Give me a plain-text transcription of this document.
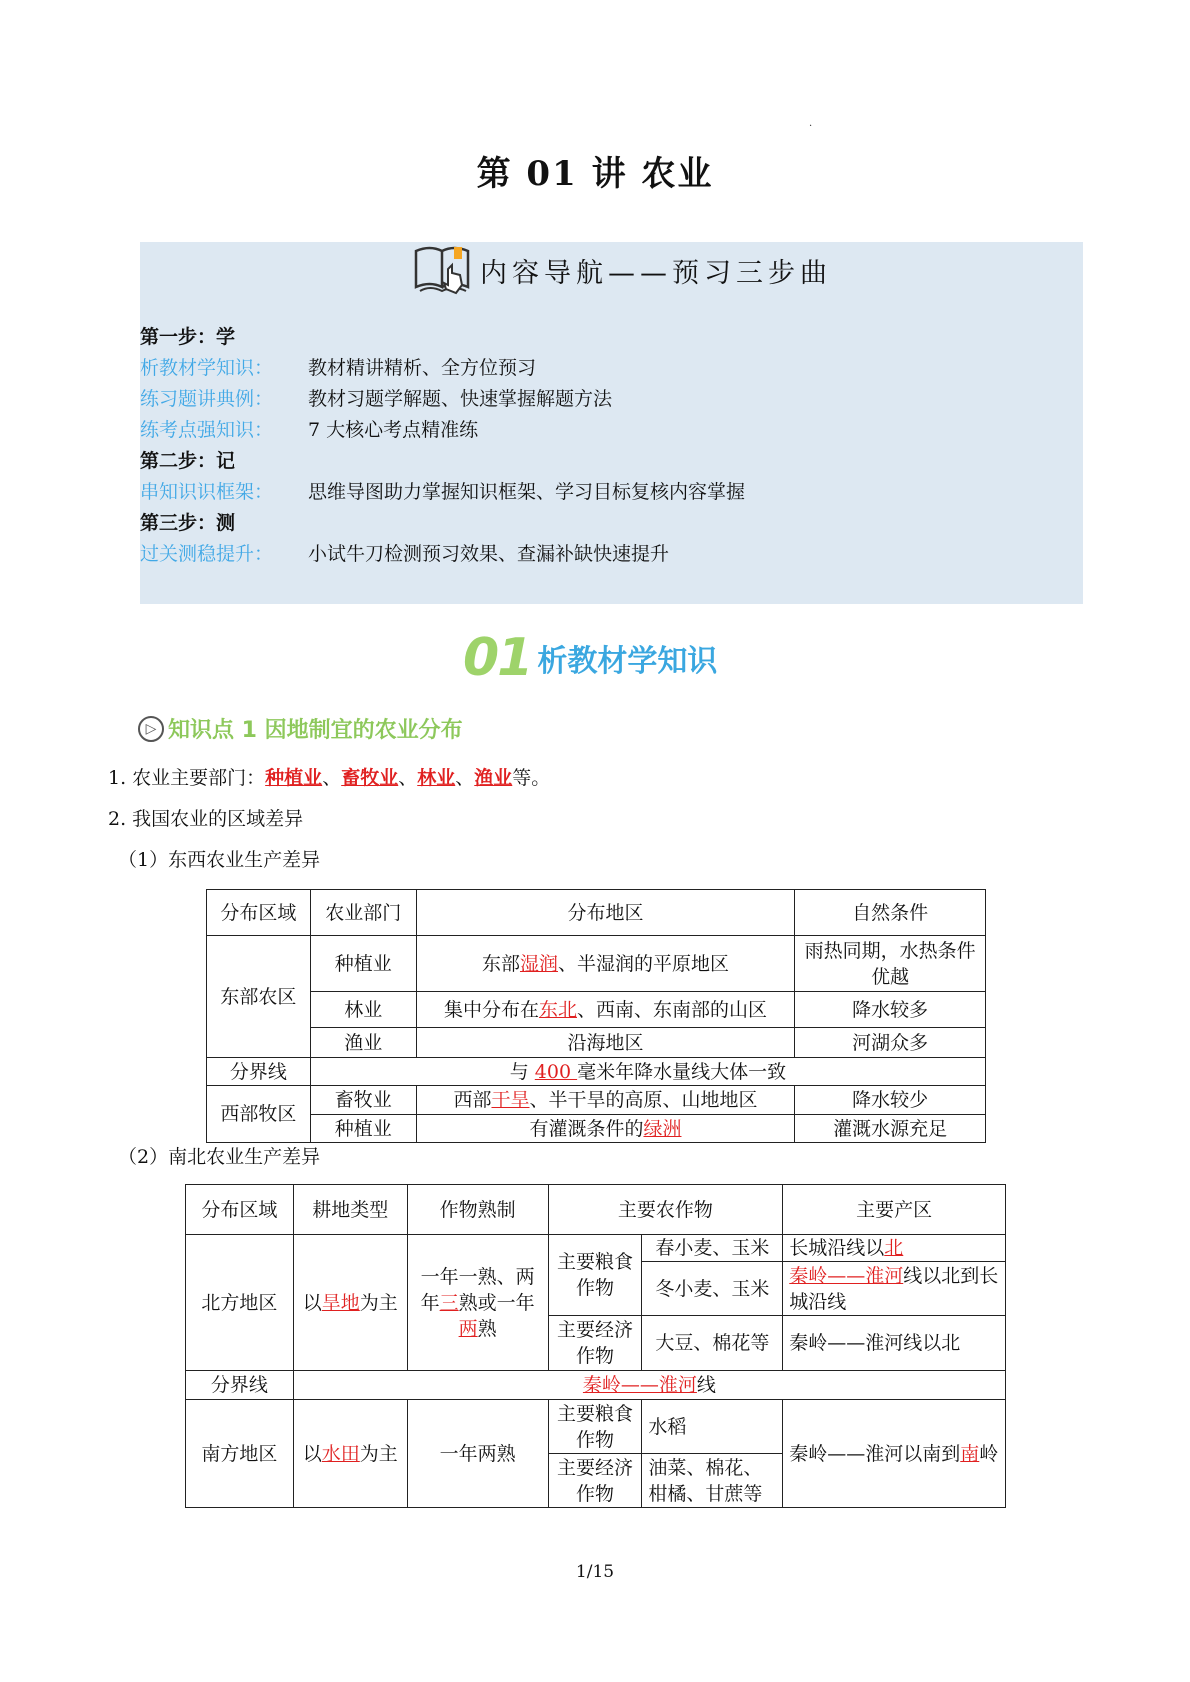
.
第 01 讲 农业
内容导航——预习三步曲
第一步：学
析教材学知识： 教材精讲精析、全方位预习
练习题讲典例： 教材习题学解题、快速掌握解题方法
练考点强知识： 7 大核心考点精准练
第二步：记
串知识识框架： 思维导图助力掌握知识框架、学习目标复核内容掌握
第三步：测
过关测稳提升： 小试牛刀检测预习效果、查漏补缺快速提升
01 析教材学知识
▷ 知识点 1 因地制宜的农业分布
1. 农业主要部门：种植业、畜牧业、林业、渔业等。
2. 我国农业的区域差异
（1）东西农业生产差异
分布区域	农业部门	分布地区	自然条件
东部农区	种植业	东部湿润、半湿润的平原地区	雨热同期，水热条件优越
	林业	集中分布在东北、西南、东南部的山区	降水较多
	渔业	沿海地区	河湖众多
分界线	与 400 毫米年降水量线大体一致		
西部牧区	畜牧业	西部干旱、半干旱的高原、山地地区	降水较少
	种植业	有灌溉条件的绿洲	灌溉水源充足
（2）南北农业生产差异
分布区域	耕地类型	作物熟制	主要农作物		主要产区
北方地区	以旱地为主	一年一熟、两年三熟或一年两熟	主要粮食作物	春小麦、玉米	长城沿线以北
				冬小麦、玉米	秦岭——淮河线以北到长城沿线
			主要经济作物	大豆、棉花等	秦岭——淮河线以北
分界线	秦岭——淮河线				
南方地区	以水田为主	一年两熟	主要粮食作物	水稻	秦岭——淮河以南到南岭
			主要经济作物	油菜、棉花、柑橘、甘蔗等	
1/15
